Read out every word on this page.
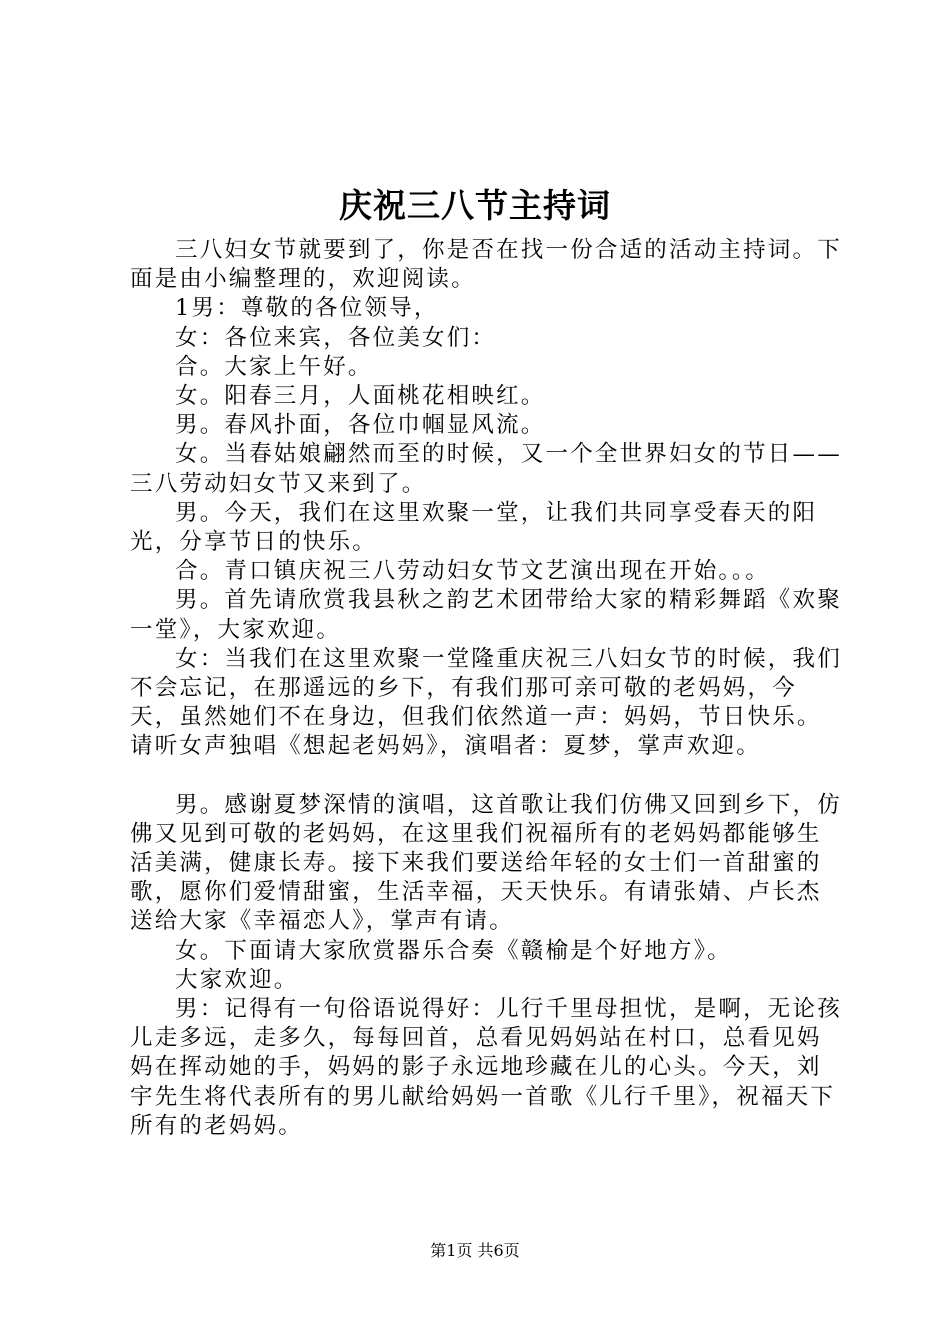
庆祝三八节主持词

三八妇女节就要到了，你是否在找一份合适的活动主持词。下面是由小编整理的，欢迎阅读。

1男：尊敬的各位领导，

女：各位来宾，各位美女们：

合。大家上午好。

女。阳春三月，人面桃花相映红。

男。春风扑面，各位巾帼显风流。

女。当春姑娘翩然而至的时候，又一个全世界妇女的节日——三八劳动妇女节又来到了。

男。今天，我们在这里欢聚一堂，让我们共同享受春天的阳光，分享节日的快乐。

合。青口镇庆祝三八劳动妇女节文艺演出现在开始。。。

男。首先请欣赏我县秋之韵艺术团带给大家的精彩舞蹈《欢聚一堂》，大家欢迎。

女：当我们在这里欢聚一堂隆重庆祝三八妇女节的时候，我们不会忘记，在那遥远的乡下，有我们那可亲可敬的老妈妈，今天，虽然她们不在身边，但我们依然道一声：妈妈，节日快乐。请听女声独唱《想起老妈妈》，演唱者：夏梦，掌声欢迎。

男。感谢夏梦深情的演唱，这首歌让我们仿佛又回到乡下，仿佛又见到可敬的老妈妈，在这里我们祝福所有的老妈妈都能够生活美满，健康长寿。接下来我们要送给年轻的女士们一首甜蜜的歌，愿你们爱情甜蜜，生活幸福，天天快乐。有请张婧、卢长杰送给大家《幸福恋人》，掌声有请。

女。下面请大家欣赏器乐合奏《赣榆是个好地方》。

大家欢迎。

男：记得有一句俗语说得好：儿行千里母担忧，是啊，无论孩儿走多远，走多久，每每回首，总看见妈妈站在村口，总看见妈妈在挥动她的手，妈妈的影子永远地珍藏在儿的心头。今天，刘宇先生将代表所有的男儿献给妈妈一首歌《儿行千里》，祝福天下所有的老妈妈。

第1页 共6页
